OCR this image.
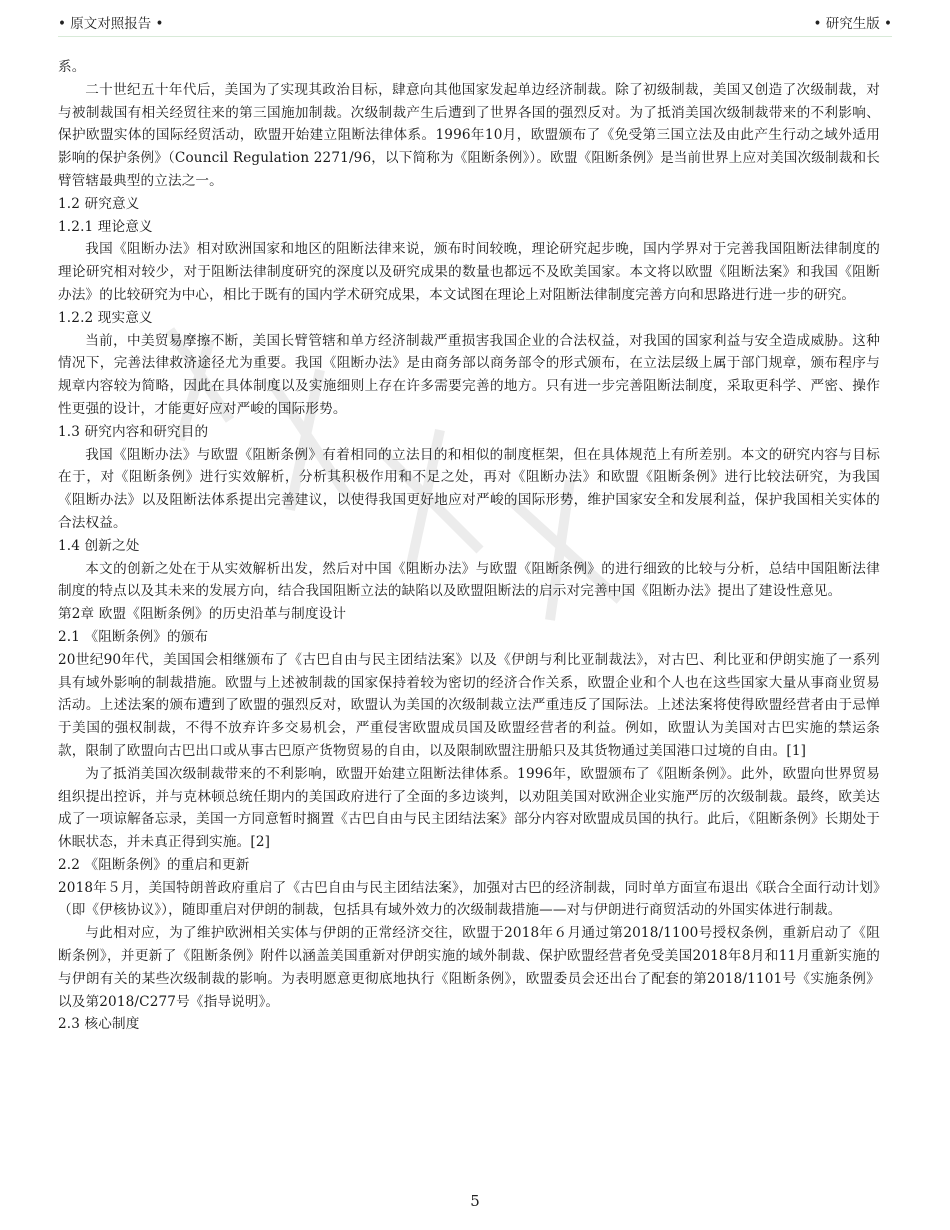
• 原文对照报告 •	• 研究生版 •

系。

二十世纪五十年代后，美国为了实现其政治目标，肆意向其他国家发起单边经济制裁。除了初级制裁，美国又创造了次级制裁，对与被制裁国有相关经贸往来的第三国施加制裁。次级制裁产生后遭到了世界各国的强烈反对。为了抵消美国次级制裁带来的不利影响、保护欧盟实体的国际经贸活动，欧盟开始建立阻断法律体系。1996年10月，欧盟颁布了《免受第三国立法及由此产生行动之域外适用影响的保护条例》（Council Regulation 2271/96，以下简称为《阻断条例》）。欧盟《阻断条例》是当前世界上应对美国次级制裁和长臂管辖最典型的立法之一。

1.2 研究意义

1.2.1 理论意义

我国《阻断办法》相对欧洲国家和地区的阻断法律来说，颁布时间较晚，理论研究起步晚，国内学界对于完善我国阻断法律制度的理论研究相对较少，对于阻断法律制度研究的深度以及研究成果的数量也都远不及欧美国家。本文将以欧盟《阻断法案》和我国《阻断办法》的比较研究为中心，相比于既有的国内学术研究成果，本文试图在理论上对阻断法律制度完善方向和思路进行进一步的研究。

1.2.2 现实意义

当前，中美贸易摩擦不断，美国长臂管辖和单方经济制裁严重损害我国企业的合法权益，对我国的国家利益与安全造成威胁。这种情况下，完善法律救济途径尤为重要。我国《阻断办法》是由商务部以商务部令的形式颁布，在立法层级上属于部门规章，颁布程序与规章内容较为简略，因此在具体制度以及实施细则上存在许多需要完善的地方。只有进一步完善阻断法制度，采取更科学、严密、操作性更强的设计，才能更好应对严峻的国际形势。

1.3 研究内容和研究目的

我国《阻断办法》与欧盟《阻断条例》有着相同的立法目的和相似的制度框架，但在具体规范上有所差别。本文的研究内容与目标在于，对《阻断条例》进行实效解析，分析其积极作用和不足之处，再对《阻断办法》和欧盟《阻断条例》进行比较法研究，为我国《阻断办法》以及阻断法体系提出完善建议，以使得我国更好地应对严峻的国际形势，维护国家安全和发展利益，保护我国相关实体的合法权益。

1.4 创新之处

本文的创新之处在于从实效解析出发，然后对中国《阻断办法》与欧盟《阻断条例》的进行细致的比较与分析，总结中国阻断法律制度的特点以及其未来的发展方向，结合我国阻断立法的缺陷以及欧盟阻断法的启示对完善中国《阻断办法》提出了建设性意见。

第2章 欧盟《阻断条例》的历史沿革与制度设计

2.1 《阻断条例》的颁布

20世纪90年代，美国国会相继颁布了《古巴自由与民主团结法案》以及《伊朗与利比亚制裁法》，对古巴、利比亚和伊朗实施了一系列具有域外影响的制裁措施。欧盟与上述被制裁的国家保持着较为密切的经济合作关系，欧盟企业和个人也在这些国家大量从事商业贸易活动。上述法案的颁布遭到了欧盟的强烈反对，欧盟认为美国的次级制裁立法严重违反了国际法。上述法案将使得欧盟经营者由于忌惮于美国的强权制裁，不得不放弃许多交易机会，严重侵害欧盟成员国及欧盟经营者的利益。例如，欧盟认为美国对古巴实施的禁运条款，限制了欧盟向古巴出口或从事古巴原产货物贸易的自由，以及限制欧盟注册船只及其货物通过美国港口过境的自由。[1]

为了抵消美国次级制裁带来的不利影响，欧盟开始建立阻断法律体系。1996年，欧盟颁布了《阻断条例》。此外，欧盟向世界贸易组织提出控诉，并与克林顿总统任期内的美国政府进行了全面的多边谈判，以劝阻美国对欧洲企业实施严厉的次级制裁。最终，欧美达成了一项谅解备忘录，美国一方同意暂时搁置《古巴自由与民主团结法案》部分内容对欧盟成员国的执行。此后，《阻断条例》长期处于休眠状态，并未真正得到实施。[2]

2.2 《阻断条例》的重启和更新

2018年５月，美国特朗普政府重启了《古巴自由与民主团结法案》，加强对古巴的经济制裁，同时单方面宣布退出《联合全面行动计划》（即《伊核协议》），随即重启对伊朗的制裁，包括具有域外效力的次级制裁措施——对与伊朗进行商贸活动的外国实体进行制裁。

与此相对应，为了维护欧洲相关实体与伊朗的正常经济交往，欧盟于2018年６月通过第2018/1100号授权条例，重新启动了《阻断条例》，并更新了《阻断条例》附件以涵盖美国重新对伊朗实施的域外制裁、保护欧盟经营者免受美国2018年8月和11月重新实施的与伊朗有关的某些次级制裁的影响。为表明愿意更彻底地执行《阻断条例》，欧盟委员会还出台了配套的第2018/1101号《实施条例》以及第2018/C277号《指导说明》。

2.3 核心制度

5
